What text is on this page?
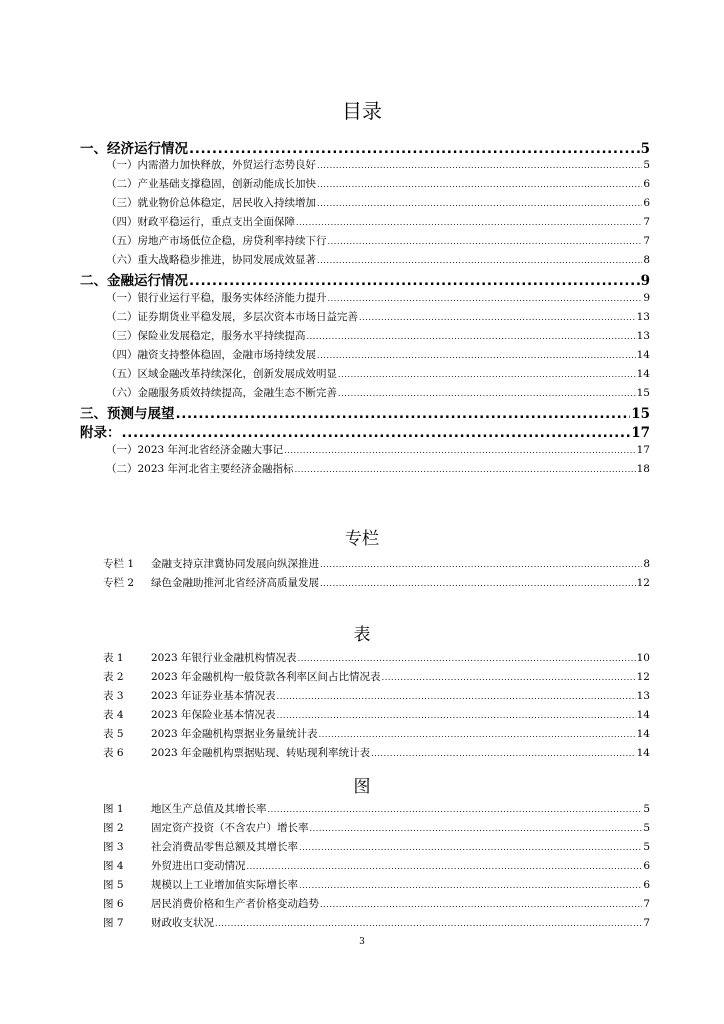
目录
一、经济运行情况 .....	5
（一）内需潜力加快释放，外贸运行态势良好 .....	5
（二）产业基础支撑稳固，创新动能成长加快 .....	6
（三）就业物价总体稳定，居民收入持续增加 .....	6
（四）财政平稳运行，重点支出全面保障 .....	7
（五）房地产市场低位企稳，房贷利率持续下行 .....	7
（六）重大战略稳步推进，协同发展成效显著 .....	8
二、金融运行情况 .....	9
（一）银行业运行平稳，服务实体经济能力提升 .....	9
（二）证券期货业平稳发展，多层次资本市场日益完善 .....	13
（三）保险业发展稳定，服务水平持续提高 .....	13
（四）融资支持整体稳固，金融市场持续发展 .....	14
（五）区域金融改革持续深化，创新发展成效明显 .....	14
（六）金融服务质效持续提高，金融生态不断完善 .....	15
三、预测与展望 .....	15
附录： .....	17
（一）2023 年河北省经济金融大事记 .....	17
（二）2023 年河北省主要经济金融指标 .....	18
专栏
专栏 1 金融支持京津冀协同发展向纵深推进 .....	8
专栏 2 绿色金融助推河北省经济高质量发展 .....	12
表
表 1	2023 年银行业金融机构情况表 .....	10
表 2	2023 年金融机构一般贷款各利率区间占比情况表 .....	12
表 3	2023 年证券业基本情况表 .....	13
表 4	2023 年保险业基本情况表 .....	14
表 5	2023 年金融机构票据业务量统计表 .....	14
表 6	2023 年金融机构票据贴现、转贴现利率统计表 .....	14
图
图 1	地区生产总值及其增长率 .....	5
图 2	固定资产投资（不含农户）增长率 .....	5
图 3	社会消费品零售总额及其增长率 .....	5
图 4	外贸进出口变动情况 .....	6
图 5	规模以上工业增加值实际增长率 .....	6
图 6	居民消费价格和生产者价格变动趋势 .....	7
图 7	财政收支状况 .....	7
3
